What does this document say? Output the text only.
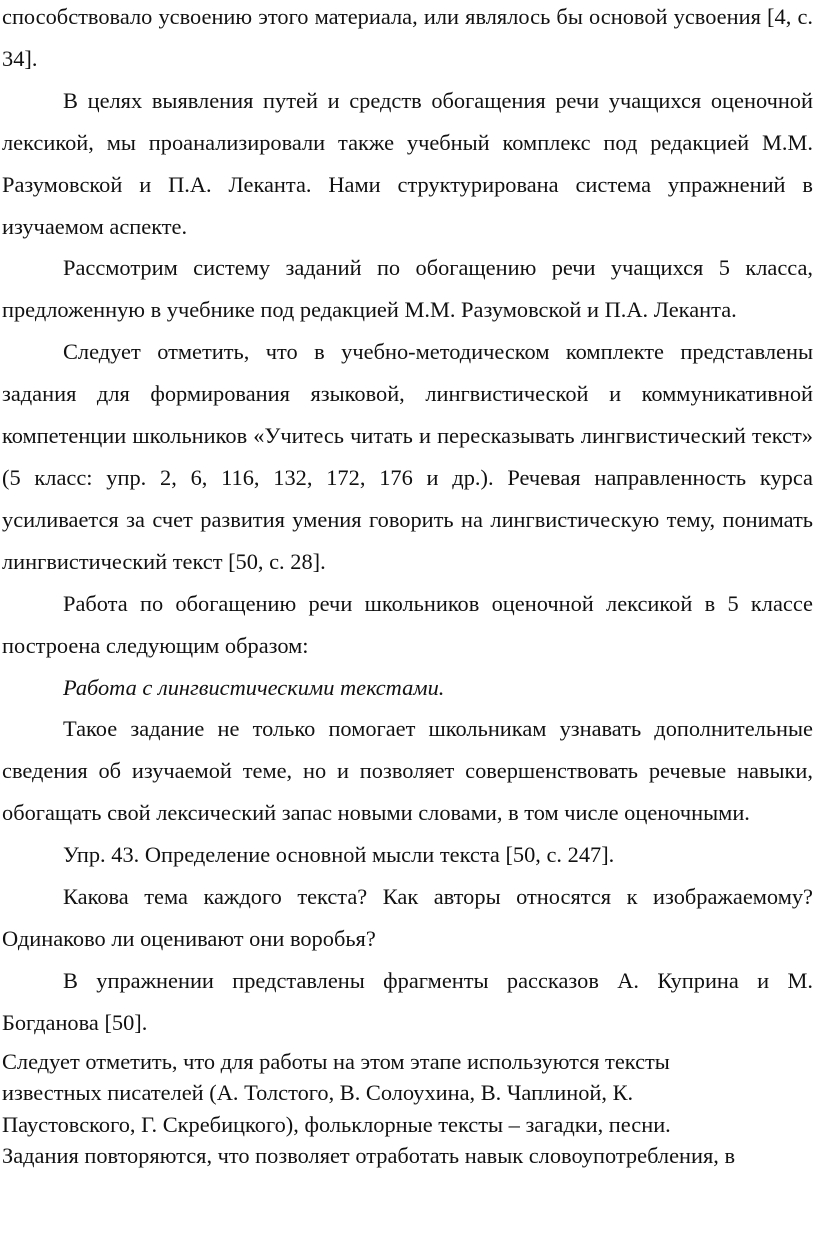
способствовало усвоению этого материала, или являлось бы основой усвоения [4, с. 34].

В целях выявления путей и средств обогащения речи учащихся оценочной лексикой, мы проанализировали также учебный комплекс под редакцией М.М. Разумовской и П.А. Леканта. Нами структурирована система упражнений в изучаемом аспекте.

Рассмотрим систему заданий по обогащению речи учащихся 5 класса, предложенную в учебнике под редакцией М.М. Разумовской и П.А. Леканта.

Следует отметить, что в учебно-методическом комплекте представлены задания для формирования языковой, лингвистической и коммуникативной компетенции школьников «Учитесь читать и пересказывать лингвистический текст» (5 класс: упр. 2, 6, 116, 132, 172, 176 и др.). Речевая направленность курса усиливается за счет развития умения говорить на лингвистическую тему, понимать лингвистический текст [50, с. 28].

Работа по обогащению речи школьников оценочной лексикой в 5 классе построена следующим образом:

Работа с лингвистическими текстами.

Такое задание не только помогает школьникам узнавать дополнительные сведения об изучаемой теме, но и позволяет совершенствовать речевые навыки, обогащать свой лексический запас новыми словами, в том числе оценочными.

Упр. 43. Определение основной мысли текста [50, с. 247].

Какова тема каждого текста? Как авторы относятся к изображаемому? Одинаково ли оценивают они воробья?

В упражнении представлены фрагменты рассказов А. Куприна и М. Богданова [50].

Следует отметить, что для работы на этом этапе используются тексты

известных писателей (А. Толстого, В. Солоухина, В. Чаплиной, К.

Паустовского, Г. Скребицкого), фольклорные тексты – загадки, песни.

Задания повторяются, что позволяет отработать навык словоупотребления, в
